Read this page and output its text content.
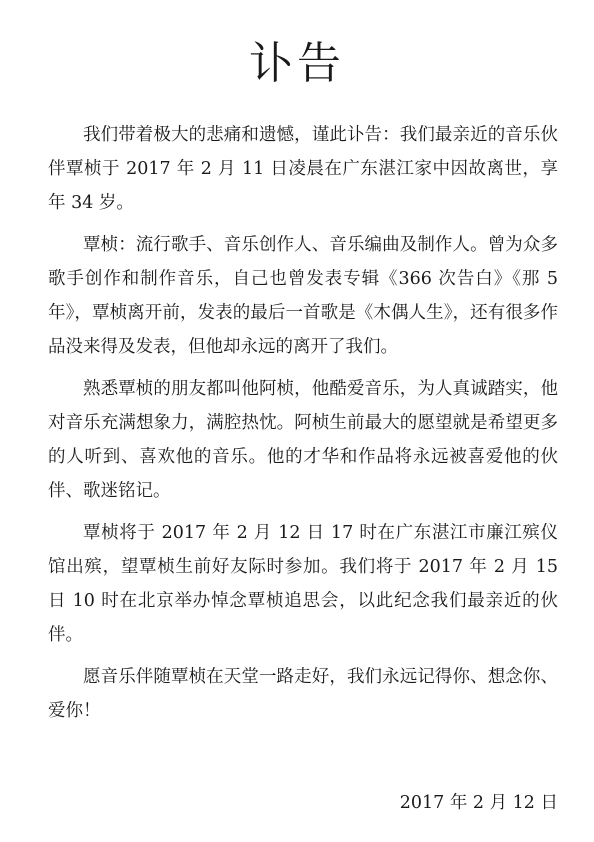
讣告

我们带着极大的悲痛和遗憾，谨此讣告：我们最亲近的音乐伙伴覃桢于 2017 年 2 月 11 日凌晨在广东湛江家中因故离世，享年 34 岁。

覃桢：流行歌手、音乐创作人、音乐编曲及制作人。曾为众多歌手创作和制作音乐，自己也曾发表专辑《366 次告白》《那 5 年》，覃桢离开前，发表的最后一首歌是《木偶人生》，还有很多作品没来得及发表，但他却永远的离开了我们。

熟悉覃桢的朋友都叫他阿桢，他酷爱音乐，为人真诚踏实，他对音乐充满想象力，满腔热忱。阿桢生前最大的愿望就是希望更多的人听到、喜欢他的音乐。他的才华和作品将永远被喜爱他的伙伴、歌迷铭记。

覃桢将于 2017 年 2 月 12 日 17 时在广东湛江市廉江殡仪馆出殡，望覃桢生前好友际时参加。我们将于 2017 年 2 月 15 日 10 时在北京举办悼念覃桢追思会，以此纪念我们最亲近的伙伴。

愿音乐伴随覃桢在天堂一路走好，我们永远记得你、想念你、爱你！

2017 年 2 月 12 日
